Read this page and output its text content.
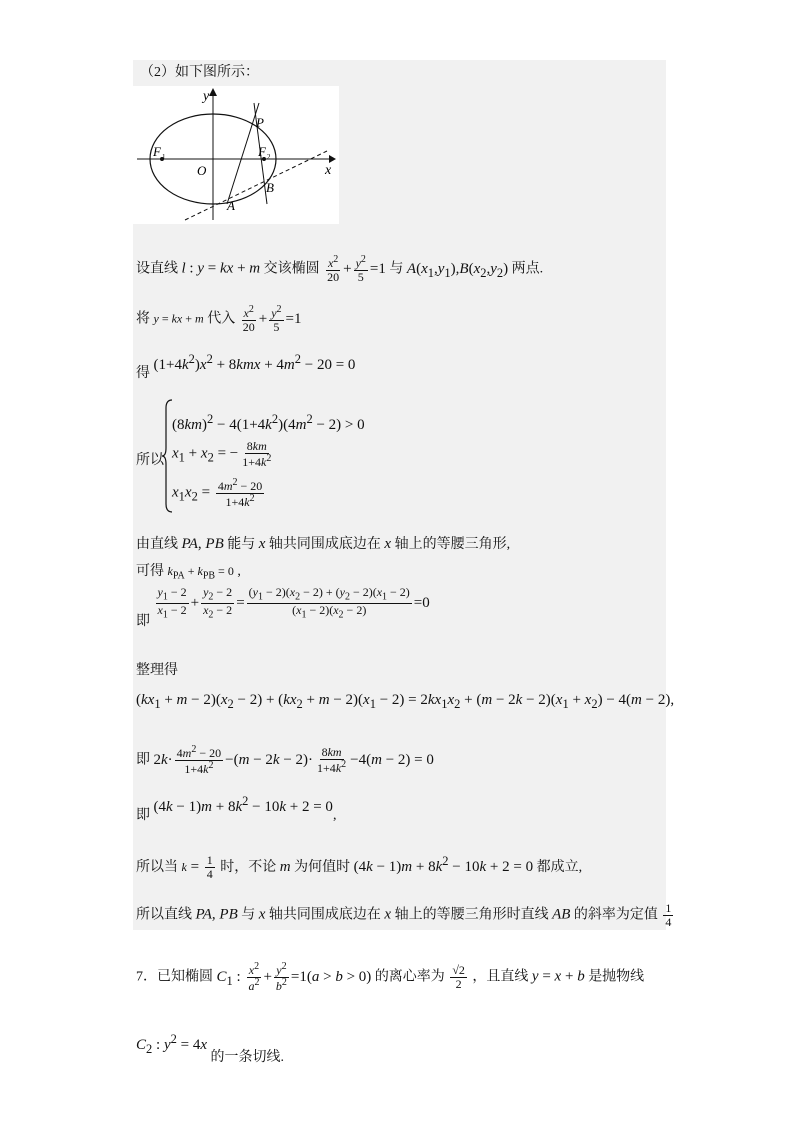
（2）如下图所示：
y
x
O
F 1	F 2
P
A
B
设直线 l : y = kx + m 交该椭圆 $\frac{x^2}{20} + \frac{y^2}{5} =1$ 与 $A(x_1,y_1),B(x_2,y_2)$ 两点.
将 y = kx + m 代入 $\frac{x^2}{20} + \frac{y^2}{5} =1$
得 $(1+4k^2)x^2 + 8kmx + 4m^2 - 20 = 0$
所以
$(8km)^2 - 4(1+4k^2)(4m^2 - 2) > 0$
$x_1 + x_2$ = − $\frac{8km}{1+4k^2}$
$x_1x_2 = \frac{4m^2 - 20}{1+4k^2}$
由直线 PA, PB 能与 x 轴共同围成底边在 x 轴上的等腰三角形,
可得 $k_{PA} + k_{PB} = 0$ ,
即
$\frac{y_1 - 2}{x_1 - 2} + \frac{y_2 - 2}{x_2 - 2} = \frac{(y_1 - 2)(x_2 - 2) + (y_2 - 2)(x_1 - 2)}{(x_1 - 2)(x_2 - 2)} =0$
整理得
$(kx_1 + m - 2)(x_2 - 2) + (kx_2 + m - 2)(x_1 - 2) = 2kx_1x_2 + (m - 2k - 2)(x_1 + x_2) - 4(m - 2)$,
即 $2k\cdot \frac{4m^2 - 20}{1+4k^2} -(m - 2k - 2)\cdot \frac{8km}{1+4k^2} -4(m - 2) = 0$
即 $(4k - 1)m + 8k^2 - 10k + 2 = 0$,
所以当 $k = \frac{1}{4}$ 时，不论 m 为何值时 $(4k - 1)m + 8k^2 - 10k + 2 = 0$ 都成立,
所以直线 PA, PB 与 x 轴共同围成底边在 x 轴上的等腰三角形时直线 AB 的斜率为定值 $\frac{1}{4}$
7．已知椭圆 $C_1$ : $\frac{x^2}{a^2} + \frac{y^2}{b^2} =1(a > b > 0)$ 的离心率为 $\frac{√2}{2}$ ，且直线 y = x + b 是抛物线
$C_2$ : $y^2 = 4x$ 的一条切线.
